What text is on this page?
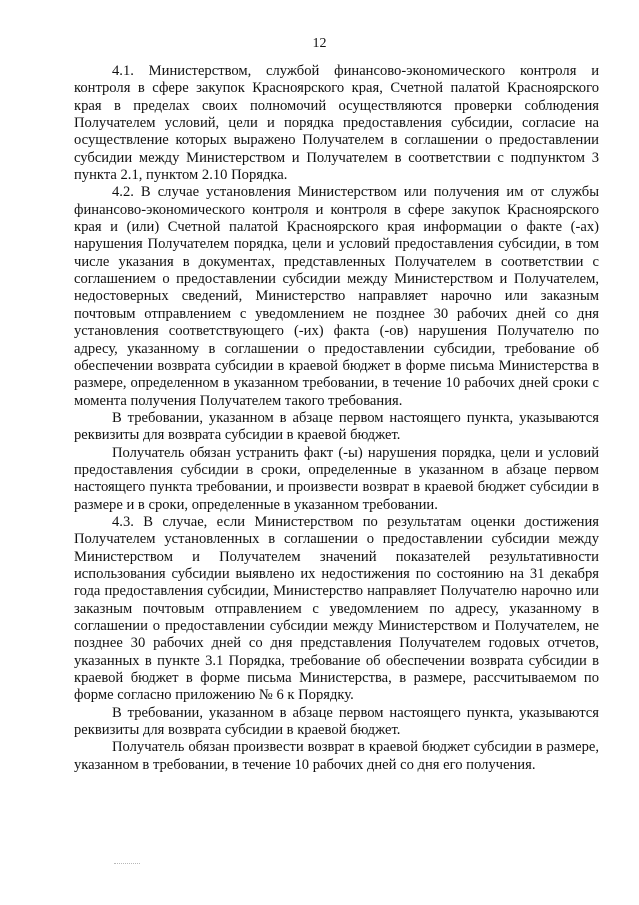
12

4.1. Министерством, службой финансово-экономического контроля и контроля в сфере закупок Красноярского края, Счетной палатой Красноярского края в пределах своих полномочий осуществляются проверки соблюдения Получателем условий, цели и порядка предоставления субсидии, согласие на осуществление которых выражено Получателем в соглашении о предоставлении субсидии между Министерством и Получателем в соответствии с подпунктом 3 пункта 2.1, пунктом 2.10 Порядка.

4.2. В случае установления Министерством или получения им от службы финансово-экономического контроля и контроля в сфере закупок Красноярского края и (или) Счетной палатой Красноярского края информации о факте (-ах) нарушения Получателем порядка, цели и условий предоставления субсидии, в том числе указания в документах, представленных Получателем в соответствии с соглашением о предоставлении субсидии между Министерством и Получателем, недостоверных сведений, Министерство направляет нарочно или заказным почтовым отправлением с уведомлением не позднее 30 рабочих дней со дня установления соответствующего (-их) факта (-ов) нарушения Получателю по адресу, указанному в соглашении о предоставлении субсидии, требование об обеспечении возврата субсидии в краевой бюджет в форме письма Министерства в размере, определенном в указанном требовании, в течение 10 рабочих дней сроки с момента получения Получателем такого требования.

В требовании, указанном в абзаце первом настоящего пункта, указываются реквизиты для возврата субсидии в краевой бюджет.

Получатель обязан устранить факт (-ы) нарушения порядка, цели и условий предоставления субсидии в сроки, определенные в указанном в абзаце первом настоящего пункта требовании, и произвести возврат в краевой бюджет субсидии в размере и в сроки, определенные в указанном требовании.

4.3. В случае, если Министерством по результатам оценки достижения Получателем установленных в соглашении о предоставлении субсидии между Министерством и Получателем значений показателей результативности использования субсидии выявлено их недостижения по состоянию на 31 декабря года предоставления субсидии, Министерство направляет Получателю нарочно или заказным почтовым отправлением с уведомлением по адресу, указанному в соглашении о предоставлении субсидии между Министерством и Получателем, не позднее 30 рабочих дней со дня представления Получателем годовых отчетов, указанных в пункте 3.1 Порядка, требование об обеспечении возврата субсидии в краевой бюджет в форме письма Министерства, в размере, рассчитываемом по форме согласно приложению № 6 к Порядку.

В требовании, указанном в абзаце первом настоящего пункта, указываются реквизиты для возврата субсидии в краевой бюджет.

Получатель обязан произвести возврат в краевой бюджет субсидии в размере, указанном в требовании, в течение 10 рабочих дней со дня его получения.
